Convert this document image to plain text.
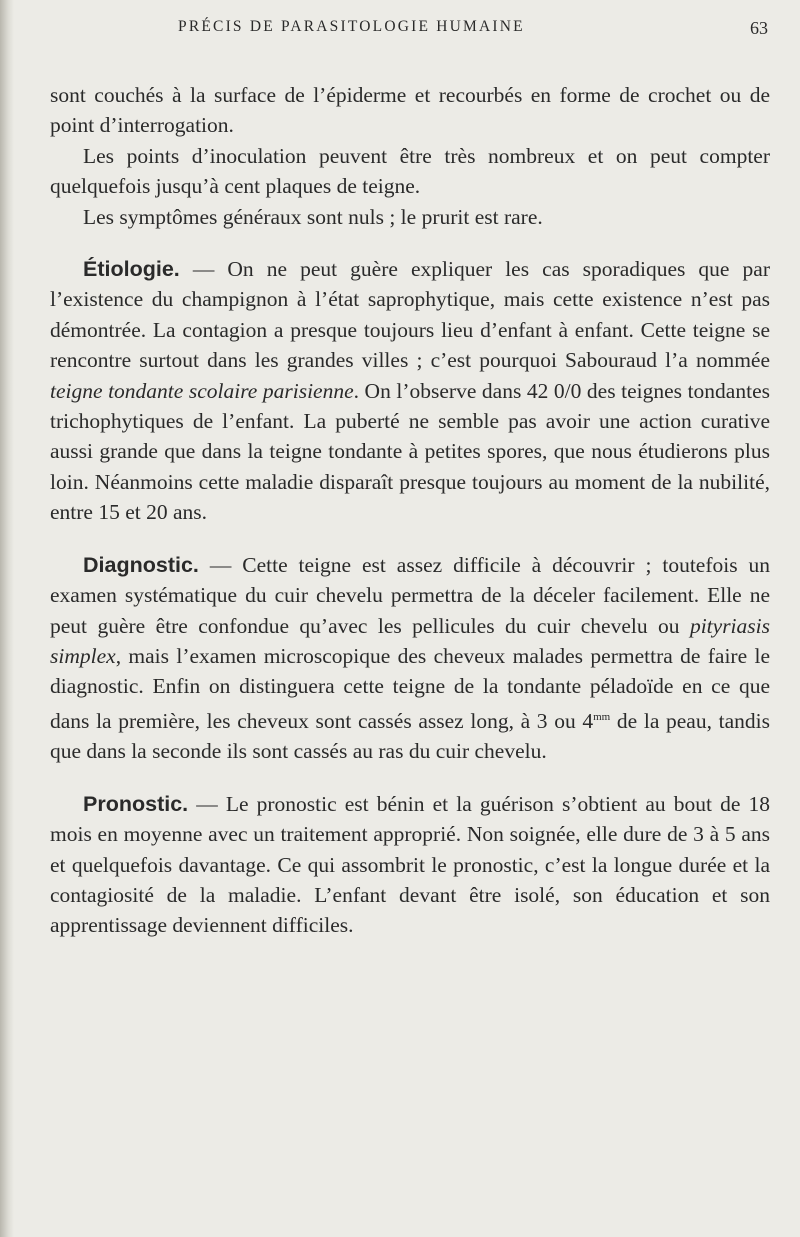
PRÉCIS DE PARASITOLOGIE HUMAINE	63

sont couchés à la surface de l’épiderme et recourbés en forme de crochet ou de point d’interrogation.

Les points d’inoculation peuvent être très nombreux et on peut compter quelquefois jusqu’à cent plaques de teigne.

Les symptômes généraux sont nuls ; le prurit est rare.

Étiologie. — On ne peut guère expliquer les cas sporadiques que par l’existence du champignon à l’état saprophytique, mais cette existence n’est pas démontrée. La contagion a presque toujours lieu d’enfant à enfant. Cette teigne se rencontre surtout dans les grandes villes ; c’est pourquoi Sabouraud l’a nommée teigne tondante scolaire parisienne. On l’observe dans 42 0/0 des teignes tondantes trichophytiques de l’enfant. La puberté ne semble pas avoir une action curative aussi grande que dans la teigne tondante à petites spores, que nous étudierons plus loin. Néanmoins cette maladie disparaît presque toujours au moment de la nubilité, entre 15 et 20 ans.

Diagnostic. — Cette teigne est assez difficile à découvrir ; toutefois un examen systématique du cuir chevelu permettra de la déceler facilement. Elle ne peut guère être confondue qu’avec les pellicules du cuir chevelu ou pityriasis simplex, mais l’examen microscopique des cheveux malades permettra de faire le diagnostic. Enfin on distinguera cette teigne de la tondante péladoïde en ce que dans la première, les cheveux sont cassés assez long, à 3 ou $4^{mm}$ de la peau, tandis que dans la seconde ils sont cassés au ras du cuir chevelu.

Pronostic. — Le pronostic est bénin et la guérison s’obtient au bout de 18 mois en moyenne avec un traitement approprié. Non soignée, elle dure de 3 à 5 ans et quelquefois davantage. Ce qui assombrit le pronostic, c’est la longue durée et la contagiosité de la maladie. L’enfant devant être isolé, son éducation et son apprentissage deviennent difficiles.
